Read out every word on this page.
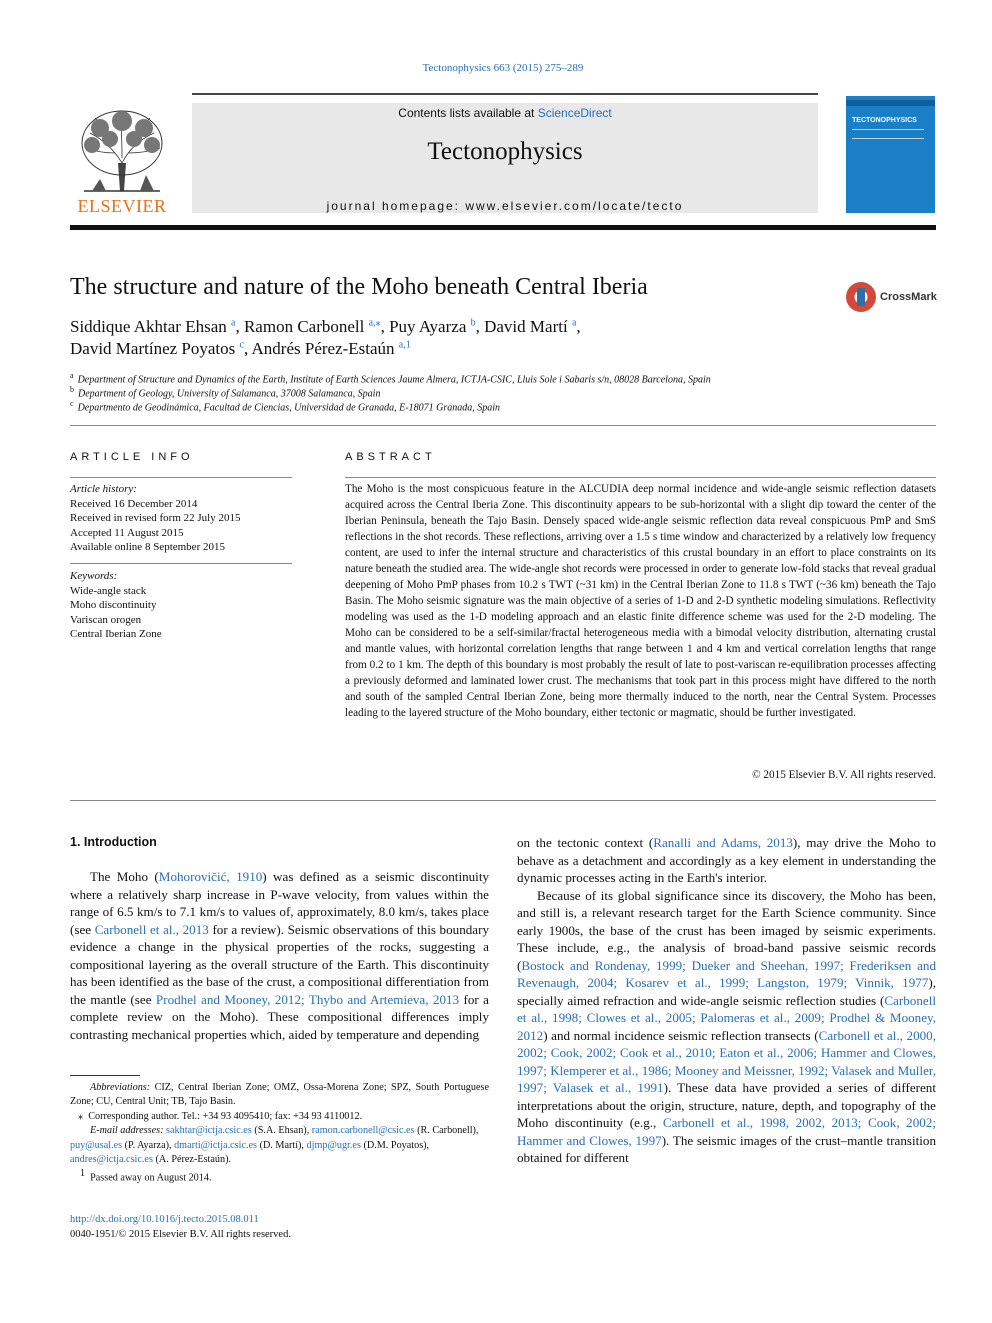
Tectonophysics 663 (2015) 275–289
ELSEVIER
Contents lists available at ScienceDirect
Tectonophysics
journal homepage: www.elsevier.com/locate/tecto
TECTONOPHYSICS
The structure and nature of the Moho beneath Central Iberia	CrossMark
Siddique Akhtar Ehsan $^a$, Ramon Carbonell $^{a,⁎}$, Puy Ayarza $^b$, David Martí $^a$,
David Martínez Poyatos $^c$, Andrés Pérez-Estaún $^{a,1}$
$^a$ Department of Structure and Dynamics of the Earth, Institute of Earth Sciences Jaume Almera, ICTJA-CSIC, Lluis Sole i Sabaris s/n, 08028 Barcelona, Spain
$^b$ Department of Geology, University of Salamanca, 37008 Salamanca, Spain
$^c$ Departmento de Geodinámica, Facultad de Ciencias, Universidad de Granada, E-18071 Granada, Spain
ARTICLE INFO
Article history:
Received 16 December 2014
Received in revised form 22 July 2015
Accepted 11 August 2015
Available online 8 September 2015
Keywords:
Wide-angle stack
Moho discontinuity
Variscan orogen
Central Iberian Zone
ABSTRACT
The Moho is the most conspicuous feature in the ALCUDIA deep normal incidence and wide-angle seismic reflection datasets acquired across the Central Iberia Zone. This discontinuity appears to be sub-horizontal with a slight dip toward the center of the Iberian Peninsula, beneath the Tajo Basin. Densely spaced wide-angle seismic reflection data reveal conspicuous PmP and SmS reflections in the shot records. These reflections, arriving over a 1.5 s time window and characterized by a relatively low frequency content, are used to infer the internal structure and characteristics of this crustal boundary in an effort to place constraints on its nature beneath the studied area. The wide-angle shot records were processed in order to generate low-fold stacks that reveal gradual deepening of Moho PmP phases from 10.2 s TWT (~31 km) in the Central Iberian Zone to 11.8 s TWT (~36 km) beneath the Tajo Basin. The Moho seismic signature was the main objective of a series of 1-D and 2-D synthetic modeling simulations. Reflectivity modeling was used as the 1-D modeling approach and an elastic finite difference scheme was used for the 2-D modeling. The Moho can be considered to be a self-similar/fractal heterogeneous media with a bimodal velocity distribution, alternating crustal and mantle values, with horizontal correlation lengths that range between 1 and 4 km and vertical correlation lengths that range from 0.2 to 1 km. The depth of this boundary is most probably the result of late to post-variscan re-equilibration processes affecting a previously deformed and laminated lower crust. The mechanisms that took part in this process might have differed to the north and south of the sampled Central Iberian Zone, being more thermally induced to the north, near the Central System. Processes leading to the layered structure of the Moho boundary, either tectonic or magmatic, should be further investigated.
© 2015 Elsevier B.V. All rights reserved.
1. Introduction

The Moho (Mohorovičić, 1910) was defined as a seismic discontinuity where a relatively sharp increase in P-wave velocity, from values within the range of 6.5 km/s to 7.1 km/s to values of, approximately, 8.0 km/s, takes place (see Carbonell et al., 2013 for a review). Seismic observations of this boundary evidence a change in the physical properties of the rocks, suggesting a compositional layering as the overall structure of the Earth. This discontinuity has been identified as the base of the crust, a compositional differentiation from the mantle (see Prodhel and Mooney, 2012; Thybo and Artemieva, 2013 for a complete review on the Moho). These compositional differences imply contrasting mechanical properties which, aided by temperature and depending

on the tectonic context (Ranalli and Adams, 2013), may drive the Moho to behave as a detachment and accordingly as a key element in understanding the dynamic processes acting in the Earth's interior.

Because of its global significance since its discovery, the Moho has been, and still is, a relevant research target for the Earth Science community. Since early 1900s, the base of the crust has been imaged by seismic experiments. These include, e.g., the analysis of broad-band passive seismic records (Bostock and Rondenay, 1999; Dueker and Sheehan, 1997; Frederiksen and Revenaugh, 2004; Kosarev et al., 1999; Langston, 1979; Vinnik, 1977), specially aimed refraction and wide-angle seismic reflection studies (Carbonell et al., 1998; Clowes et al., 2005; Palomeras et al., 2009; Prodhel & Mooney, 2012) and normal incidence seismic reflection transects (Carbonell et al., 2000, 2002; Cook, 2002; Cook et al., 2010; Eaton et al., 2006; Hammer and Clowes, 1997; Klemperer et al., 1986; Mooney and Meissner, 1992; Valasek and Muller, 1997; Valasek et al., 1991). These data have provided a series of different interpretations about the origin, structure, nature, depth, and topography of the Moho discontinuity (e.g., Carbonell et al., 1998, 2002, 2013; Cook, 2002; Hammer and Clowes, 1997). The seismic images of the crust–mantle transition obtained for different

Abbreviations: CIZ, Central Iberian Zone; OMZ, Ossa-Morena Zone; SPZ, South Portuguese Zone; CU, Central Unit; TB, Tajo Basin.
⁎  Corresponding author. Tel.: +34 93 4095410; fax: +34 93 4110012.
E-mail addresses: sakhtar@ictja.csic.es (S.A. Ehsan), ramon.carbonell@csic.es (R. Carbonell), puy@usal.es (P. Ayarza), dmarti@ictja.csic.es (D. Martí), djmp@ugr.es (D.M. Poyatos), andres@ictja.csic.es (A. Pérez-Estaún).
$^1$ Passed away on August 2014.
http://dx.doi.org/10.1016/j.tecto.2015.08.011
0040-1951/© 2015 Elsevier B.V. All rights reserved.
